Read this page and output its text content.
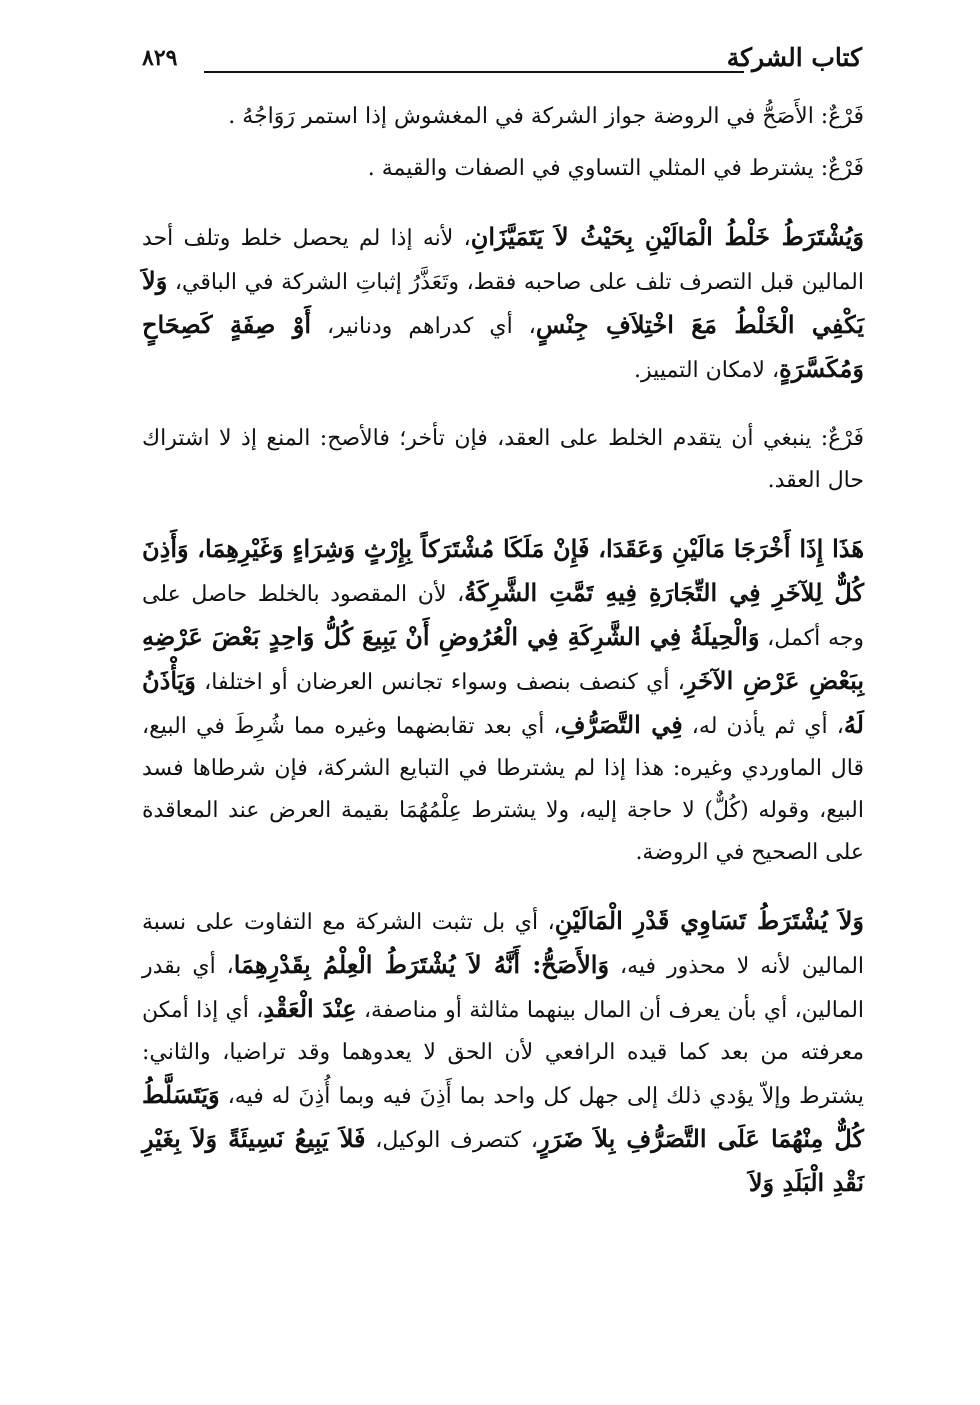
كتاب الشركة
٨٢٩

فَرْعٌ: الأَصَحُّ في الروضة جواز الشركة في المغشوش إذا استمر رَوَاجُهُ .

فَرْعٌ: يشترط في المثلي التساوي في الصفات والقيمة .

وَيُشْتَرَطُ خَلْطُ الْمَالَيْنِ بِحَيْثُ لاَ يَتَمَيَّزَانِ، لأنه إذا لم يحصل خلط وتلف أحد المالين قبل التصرف تلف على صاحبه فقط، وتَعَذَّرُ إثباتِ الشركة في الباقي، وَلاَ يَكْفِي الْخَلْطُ مَعَ اخْتِلاَفِ جِنْسٍ، أي كدراهم ودنانير، أَوْ صِفَةٍ كَصِحَاحٍ وَمُكَسَّرَةٍ، لامكان التمييز.

فَرْعٌ: ينبغي أن يتقدم الخلط على العقد، فإن تأخر؛ فالأصح: المنع إذ لا اشتراك حال العقد.

هَذَا إِذَا أَخْرَجَا مَالَيْنِ وَعَقَدَا، فَإِنْ مَلَكَا مُشْتَرَكاً بِإِرْثٍ وَشِرَاءٍ وَغَيْرِهِمَا، وَأَذِنَ كُلٌّ لِلآخَرِ فِي التِّجَارَةِ فِيهِ تَمَّتِ الشَّرِكَةُ، لأن المقصود بالخلط حاصل على وجه أكمل، وَالْحِيلَةُ فِي الشَّرِكَةِ فِي الْعُرُوضِ أَنْ يَبِيعَ كُلُّ وَاحِدٍ بَعْضَ عَرْضِهِ بِبَعْضِ عَرْضِ الآخَرِ، أي كنصف بنصف وسواء تجانس العرضان أو اختلفا، وَيَأْذَنُ لَهُ، أي ثم يأذن له، فِي التَّصَرُّفِ، أي بعد تقابضهما وغيره مما شُرِطَ في البيع، قال الماوردي وغيره: هذا إذا لم يشترطا في التبايع الشركة، فإن شرطاها فسد البيع، وقوله (كُلٌّ) لا حاجة إليه، ولا يشترط عِلْمُهُمَا بقيمة العرض عند المعاقدة على الصحيح في الروضة.

وَلاَ يُشْتَرَطُ تَسَاوِي قَدْرِ الْمَالَيْنِ، أي بل تثبت الشركة مع التفاوت على نسبة المالين لأنه لا محذور فيه، وَالأَصَحُّ: أَنَّهُ لاَ يُشْتَرَطُ الْعِلْمُ بِقَدْرِهِمَا، أي بقدر المالين، أي بأن يعرف أن المال بينهما مثالثة أو مناصفة، عِنْدَ الْعَقْدِ، أي إذا أمكن معرفته من بعد كما قيده الرافعي لأن الحق لا يعدوهما وقد تراضيا، والثاني: يشترط وإلاّ يؤدي ذلك إلى جهل كل واحد بما أَذِنَ فيه وبما أُذِنَ له فيه، وَيَتَسَلَّطُ كُلٌّ مِنْهُمَا عَلَى التَّصَرُّفِ بِلاَ ضَرَرٍ، كتصرف الوكيل، فَلاَ يَبِيعُ نَسِيئَةً وَلاَ بِغَيْرِ نَقْدِ الْبَلَدِ وَلاَ
